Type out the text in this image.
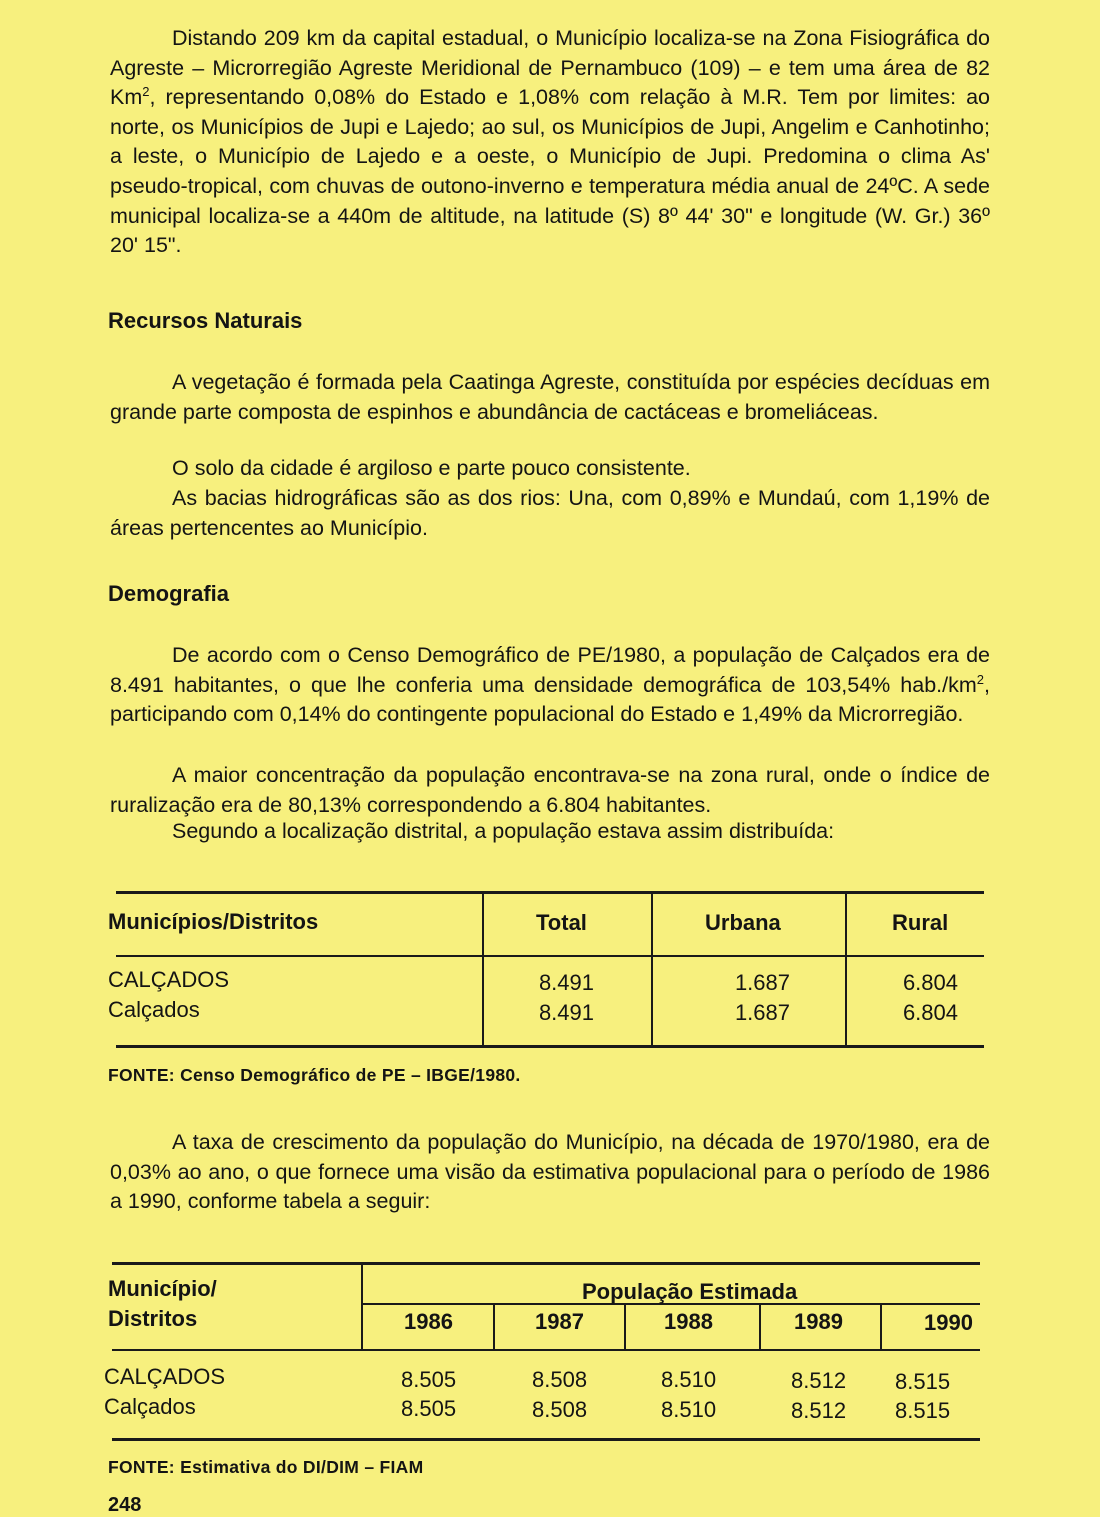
Distando 209 km da capital estadual, o Município localiza-se na Zona Fisiográfica do Agreste – Microrregião Agreste Meridional de Pernambuco (109) – e tem uma área de 82 Km$^2$, representando 0,08% do Estado e 1,08% com relação à M.R. Tem por limites: ao norte, os Municípios de Jupi e Lajedo; ao sul, os Municípios de Jupi, Angelim e Canhotinho; a leste, o Município de Lajedo e a oeste, o Município de Jupi. Predomina o clima As' pseudo-tropical, com chuvas de outono-inverno e temperatura média anual de 24ºC. A sede municipal localiza-se a 440m de altitude, na latitude (S) 8º 44' 30" e longitude (W. Gr.) 36º 20' 15".

Recursos Naturais

A vegetação é formada pela Caatinga Agreste, constituída por espécies decíduas em grande parte composta de espinhos e abundância de cactáceas e bromeliáceas.

O solo da cidade é argiloso e parte pouco consistente.

As bacias hidrográficas são as dos rios: Una, com 0,89% e Mundaú, com 1,19% de áreas pertencentes ao Município.

Demografia

De acordo com o Censo Demográfico de PE/1980, a população de Calçados era de 8.491 habitantes, o que lhe conferia uma densidade demográfica de 103,54% $hab./km^2$, participando com 0,14% do contingente populacional do Estado e 1,49% da Microrregião.

A maior concentração da população encontrava-se na zona rural, onde o índice de ruralização era de 80,13% correspondendo a 6.804 habitantes.

Segundo a localização distrital, a população estava assim distribuída:

Municípios/Distritos	Total	Urbana	Rural
CALÇADOS	8.491	1.687	6.804
Calçados	8.491	1.687	6.804

FONTE: Censo Demográfico de PE – IBGE/1980.

A taxa de crescimento da população do Município, na década de 1970/1980, era de 0,03% ao ano, o que fornece uma visão da estimativa populacional para o período de 1986 a 1990, conforme tabela a seguir:

Município/
Distritos
População Estimada
1986	1987	1988	1989	1990
CALÇADOS	8.505	8.508	8.510	8.512 8.515
Calçados	8.505	8.508	8.510	8.512 8.515

FONTE: Estimativa do DI/DIM – FIAM

248
